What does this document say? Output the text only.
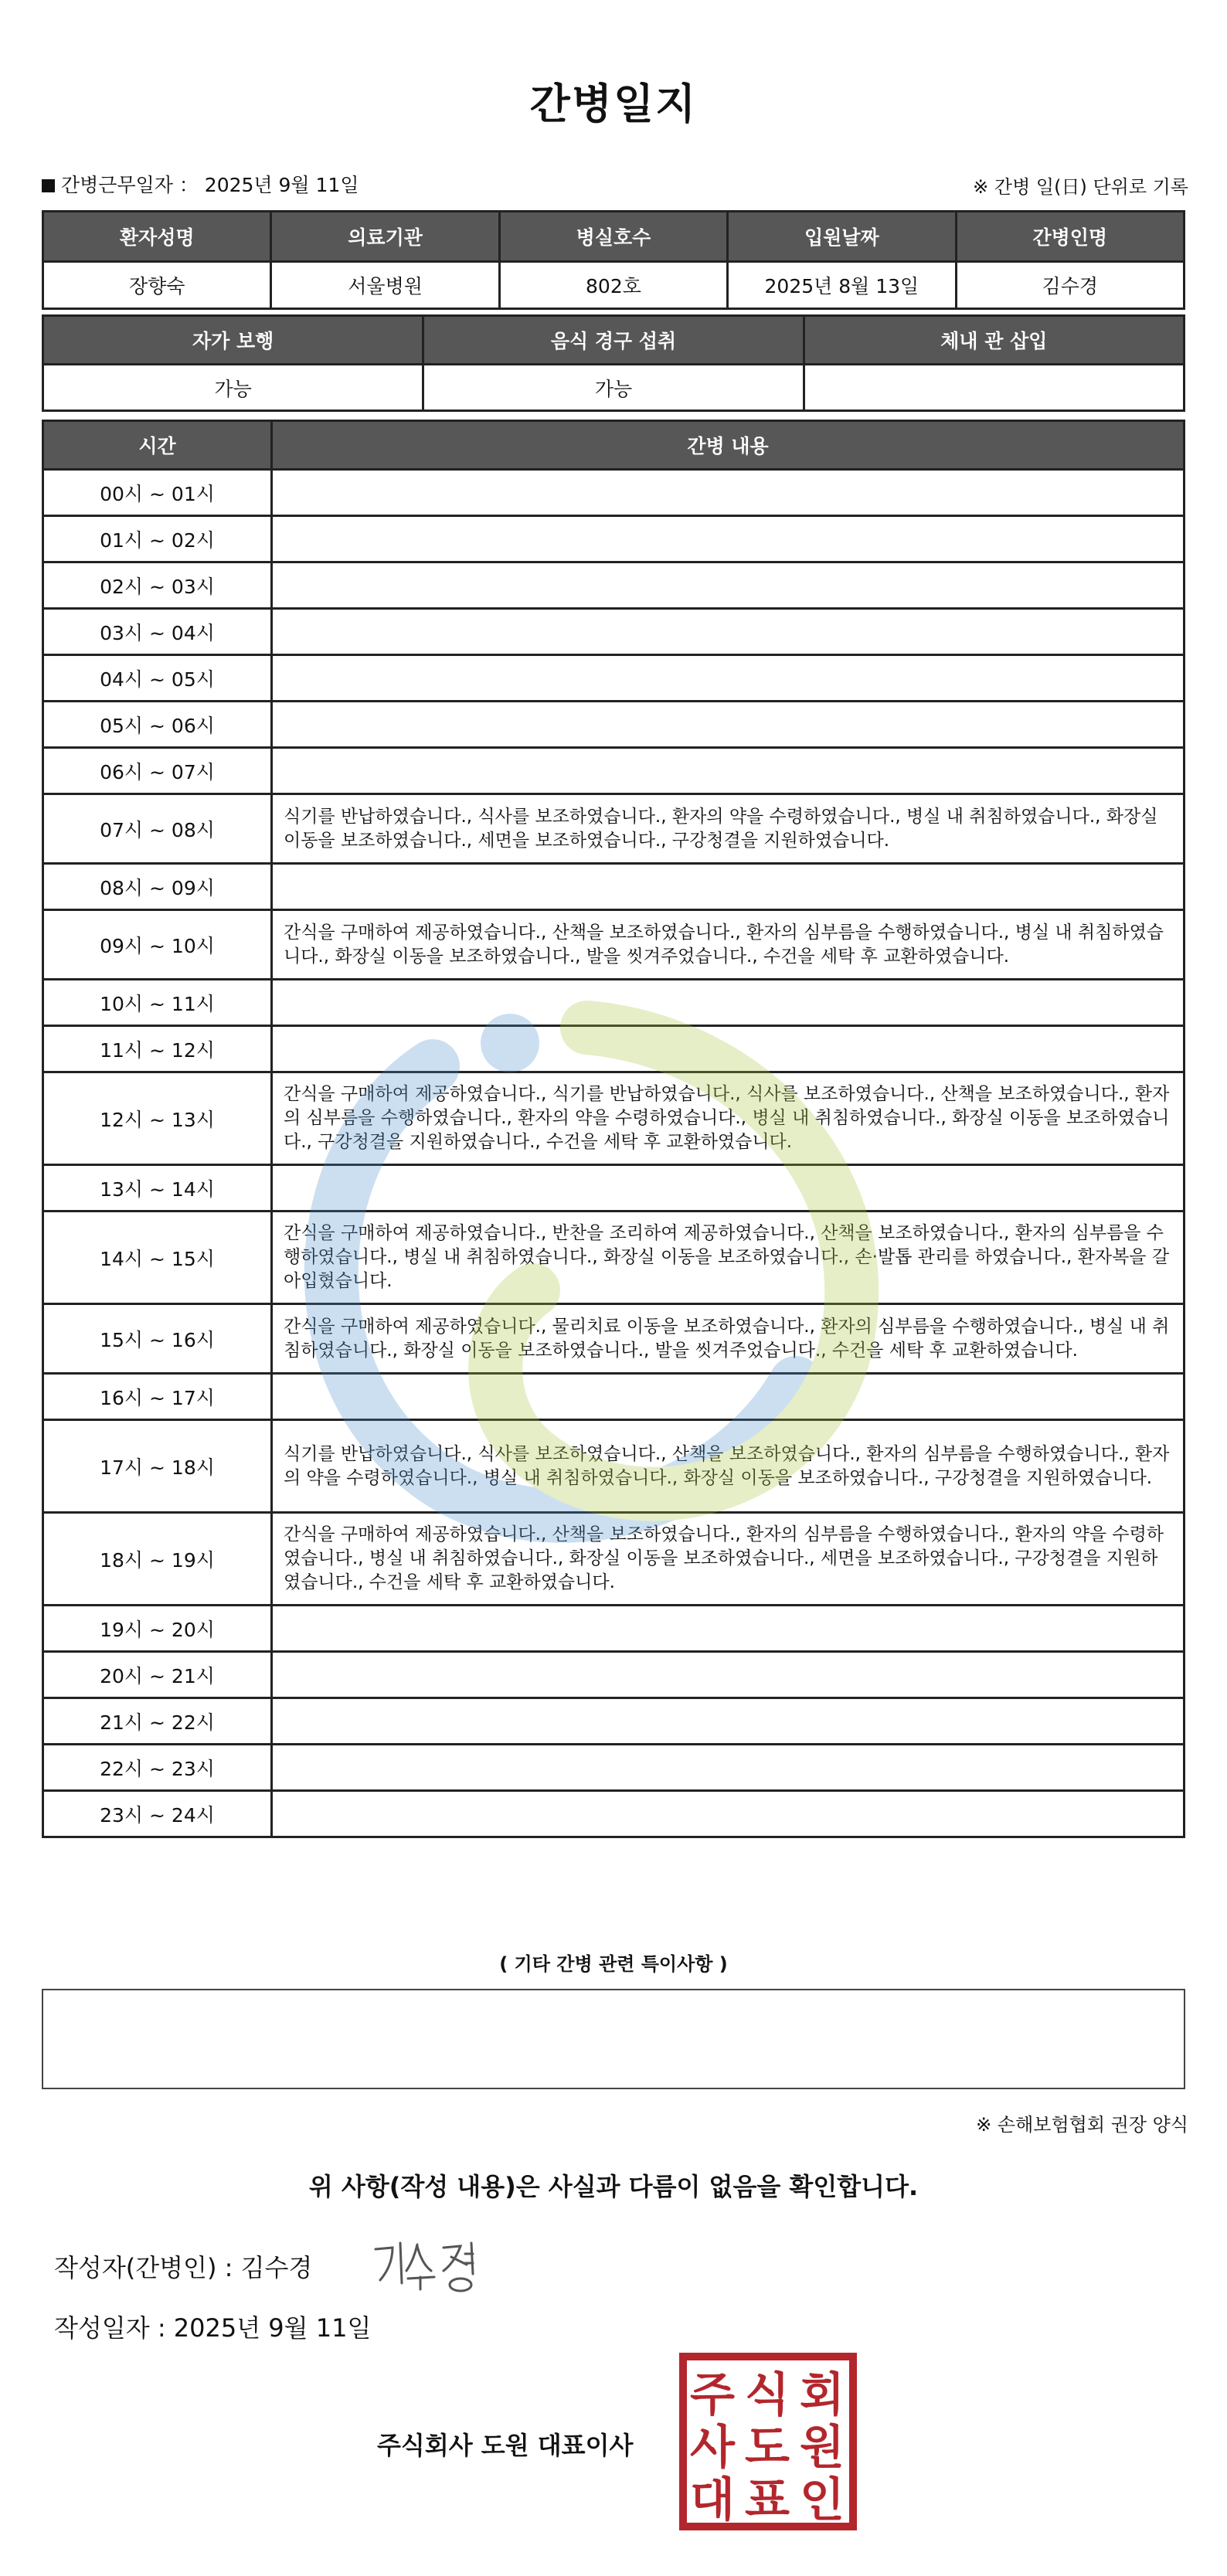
간병일지
간병근무일자 ： 2025년 9월 11일	※ 간병 일(日) 단위로 기록
환자성명	의료기관	병실호수	입원날짜	간병인명
장향숙	서울병원	802호	2025년 8월 13일	김수경
자가 보행	음식 경구 섭취	체내 관 삽입
가능	가능	
시간	간병 내용
00시 ~ 01시	
01시 ~ 02시	
02시 ~ 03시	
03시 ~ 04시	
04시 ~ 05시	
05시 ~ 06시	
06시 ~ 07시	
07시 ~ 08시	식기를 반납하였습니다., 식사를 보조하였습니다., 환자의 약을 수령하였습니다., 병실 내 취침하였습니다., 화장실 이동을 보조하였습니다., 세면을 보조하였습니다., 구강청결을 지원하였습니다.
08시 ~ 09시	
09시 ~ 10시	간식을 구매하여 제공하였습니다., 산책을 보조하였습니다., 환자의 심부름을 수행하였습니다., 병실 내 취침하였습니다., 화장실 이동을 보조하였습니다., 발을 씻겨주었습니다., 수건을 세탁 후 교환하였습니다.
10시 ~ 11시	
11시 ~ 12시	
12시 ~ 13시	간식을 구매하여 제공하였습니다., 식기를 반납하였습니다., 식사를 보조하였습니다., 산책을 보조하였습니다., 환자의 심부름을 수행하였습니다., 환자의 약을 수령하였습니다., 병실 내 취침하였습니다., 화장실 이동을 보조하였습니다., 구강청결을 지원하였습니다., 수건을 세탁 후 교환하였습니다.
13시 ~ 14시	
14시 ~ 15시	간식을 구매하여 제공하였습니다., 반찬을 조리하여 제공하였습니다., 산책을 보조하였습니다., 환자의 심부름을 수행하였습니다., 병실 내 취침하였습니다., 화장실 이동을 보조하였습니다., 손·발톱 관리를 하였습니다., 환자복을 갈아입혔습니다.
15시 ~ 16시	간식을 구매하여 제공하였습니다., 물리치료 이동을 보조하였습니다., 환자의 심부름을 수행하였습니다., 병실 내 취침하였습니다., 화장실 이동을 보조하였습니다., 발을 씻겨주었습니다., 수건을 세탁 후 교환하였습니다.
16시 ~ 17시	
17시 ~ 18시	식기를 반납하였습니다., 식사를 보조하였습니다., 산책을 보조하였습니다., 환자의 심부름을 수행하였습니다., 환자의 약을 수령하였습니다., 병실 내 취침하였습니다., 화장실 이동을 보조하였습니다., 구강청결을 지원하였습니다.
18시 ~ 19시	간식을 구매하여 제공하였습니다., 산책을 보조하였습니다., 환자의 심부름을 수행하였습니다., 환자의 약을 수령하였습니다., 병실 내 취침하였습니다., 화장실 이동을 보조하였습니다., 세면을 보조하였습니다., 구강청결을 지원하였습니다., 수건을 세탁 후 교환하였습니다.
19시 ~ 20시	
20시 ~ 21시	
21시 ~ 22시	
22시 ~ 23시	
23시 ~ 24시	
( 기타 간병 관련 특이사항 )
※ 손해보험협회 권장 양식
위 사항(작성 내용)은 사실과 다름이 없음을 확인합니다.
작성자(간병인) : 김수경
작성일자 : 2025년 9월 11일
주식회사 도원 대표이사
주 식 회
사 도 원
대 표 인
